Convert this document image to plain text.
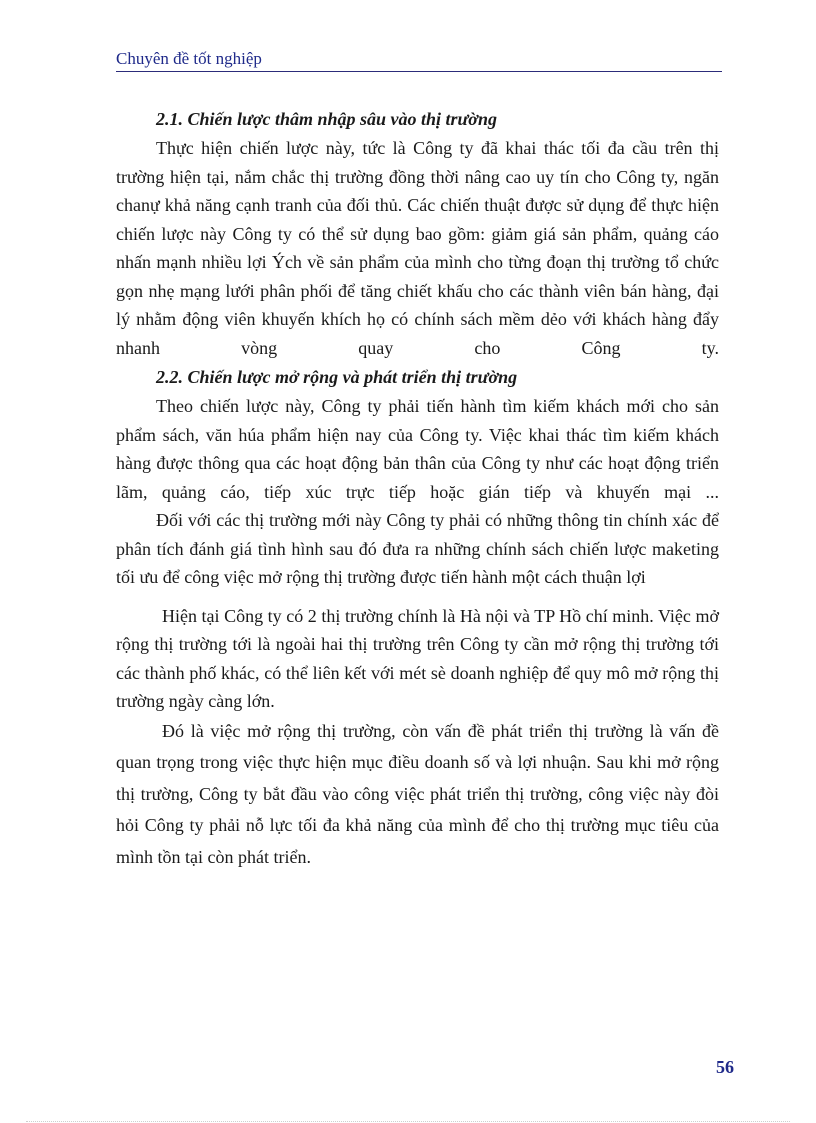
Chuyên đề tốt nghiệp

2.1. Chiến lược thâm nhập sâu vào thị trường

Thực hiện chiến lược này, tức là Công ty đã khai thác tối đa cầu trên thị trường hiện tại, nắm chắc thị trường đồng thời nâng cao uy tín cho Công ty, ngăn chanự khả năng cạnh tranh của đối thủ. Các chiến thuật được sử dụng để thực hiện chiến lược này Công ty có thể sử dụng bao gồm: giảm giá sản phẩm, quảng cáo nhấn mạnh nhiều lợi Ých về sản phẩm của mình cho từng đoạn thị trường tổ chức gọn nhẹ mạng lưới phân phối để tăng chiết khấu cho các thành viên bán hàng, đại lý nhằm động viên khuyến khích họ có chính sách mềm dẻo với khách hàng đẩy nhanh vòng quay cho Công ty.

2.2. Chiến lược mở rộng và phát triển thị trường

Theo chiến lược này, Công ty phải tiến hành tìm kiếm khách mới cho sản phẩm sách, văn húa phẩm hiện nay của Công ty. Việc khai thác tìm kiếm khách hàng được thông qua các hoạt động bản thân của Công ty như các hoạt động triển lãm, quảng cáo, tiếp xúc trực tiếp hoặc gián tiếp và khuyến mại ...

Đối với các thị trường mới này Công ty phải có những thông tin chính xác để phân tích đánh giá tình hình sau đó đưa ra những chính sách chiến lược maketing tối ưu để công việc mở rộng thị trường được tiến hành một cách thuận lợi

Hiện tại Công ty có 2 thị trường chính là Hà nội và TP Hồ chí minh. Việc mở rộng thị trường tới là ngoài hai thị trường trên Công ty cần mở rộng thị trường tới các thành phố khác, có thể liên kết với mét sè doanh nghiệp để quy mô mở rộng thị trường ngày càng lớn.

Đó là việc mở rộng thị trường, còn vấn đề phát triển thị trường là vấn đề quan trọng trong việc thực hiện mục điều doanh số và lợi nhuận. Sau khi mở rộng thị trường, Công ty bắt đầu vào công việc phát triển thị trường, công việc này đòi hỏi Công ty phải nỗ lực tối đa khả năng của mình để cho thị trường mục tiêu của mình tồn tại còn phát triển.

56
